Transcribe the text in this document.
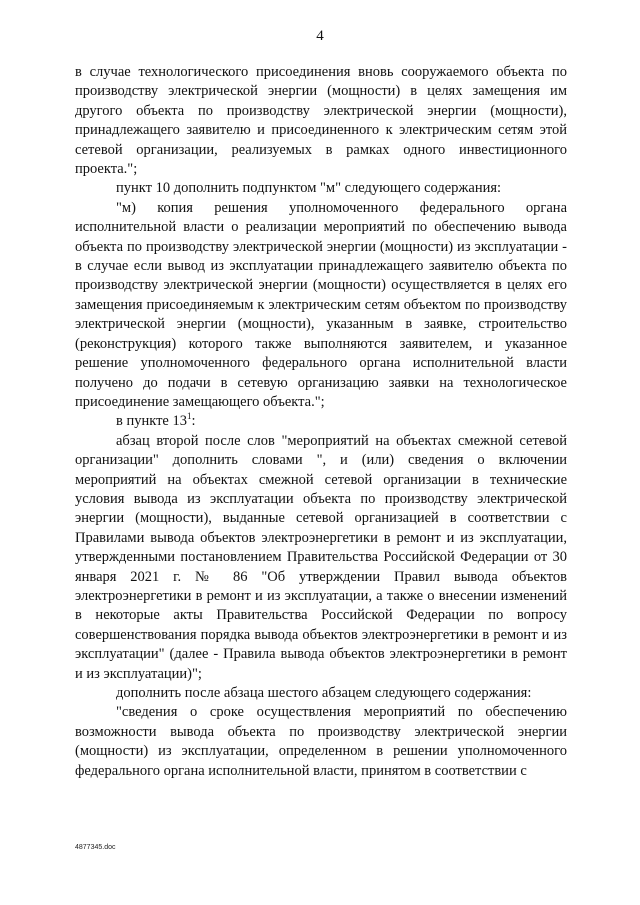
4

в случае технологического присоединения вновь сооружаемого объекта по производству электрической энергии (мощности) в целях замещения им другого объекта по производству электрической энергии (мощности), принадлежащего заявителю и присоединенного к электрическим сетям этой сетевой организации, реализуемых в рамках одного инвестиционного проекта.";

пункт 10 дополнить подпунктом "м" следующего содержания:

"м) копия решения уполномоченного федерального органа исполнительной власти о реализации мероприятий по обеспечению вывода объекта по производству электрической энергии (мощности) из эксплуатации - в случае если вывод из эксплуатации принадлежащего заявителю объекта по производству электрической энергии (мощности) осуществляется в целях его замещения присоединяемым к электрическим сетям объектом по производству электрической энергии (мощности), указанным в заявке, строительство (реконструкция) которого также выполняются заявителем, и указанное решение уполномоченного федерального органа исполнительной власти получено до подачи в сетевую организацию заявки на технологическое присоединение замещающего объекта.";

в пункте $13^1$:

абзац второй после слов "мероприятий на объектах смежной сетевой организации" дополнить словами ", и (или) сведения о включении мероприятий на объектах смежной сетевой организации в технические условия вывода из эксплуатации объекта по производству электрической энергии (мощности), выданные сетевой организацией в соответствии с Правилами вывода объектов электроэнергетики в ремонт и из эксплуатации, утвержденными постановлением Правительства Российской Федерации от 30 января 2021 г. № 86 "Об утверждении Правил вывода объектов электроэнергетики в ремонт и из эксплуатации, а также о внесении изменений в некоторые акты Правительства Российской Федерации по вопросу совершенствования порядка вывода объектов электроэнергетики в ремонт и из эксплуатации" (далее - Правила вывода объектов электроэнергетики в ремонт и из эксплуатации)";

дополнить после абзаца шестого абзацем следующего содержания:

"сведения о сроке осуществления мероприятий по обеспечению возможности вывода объекта по производству электрической энергии (мощности) из эксплуатации, определенном в решении уполномоченного федерального органа исполнительной власти, принятом в соответствии с

4877345.doc
